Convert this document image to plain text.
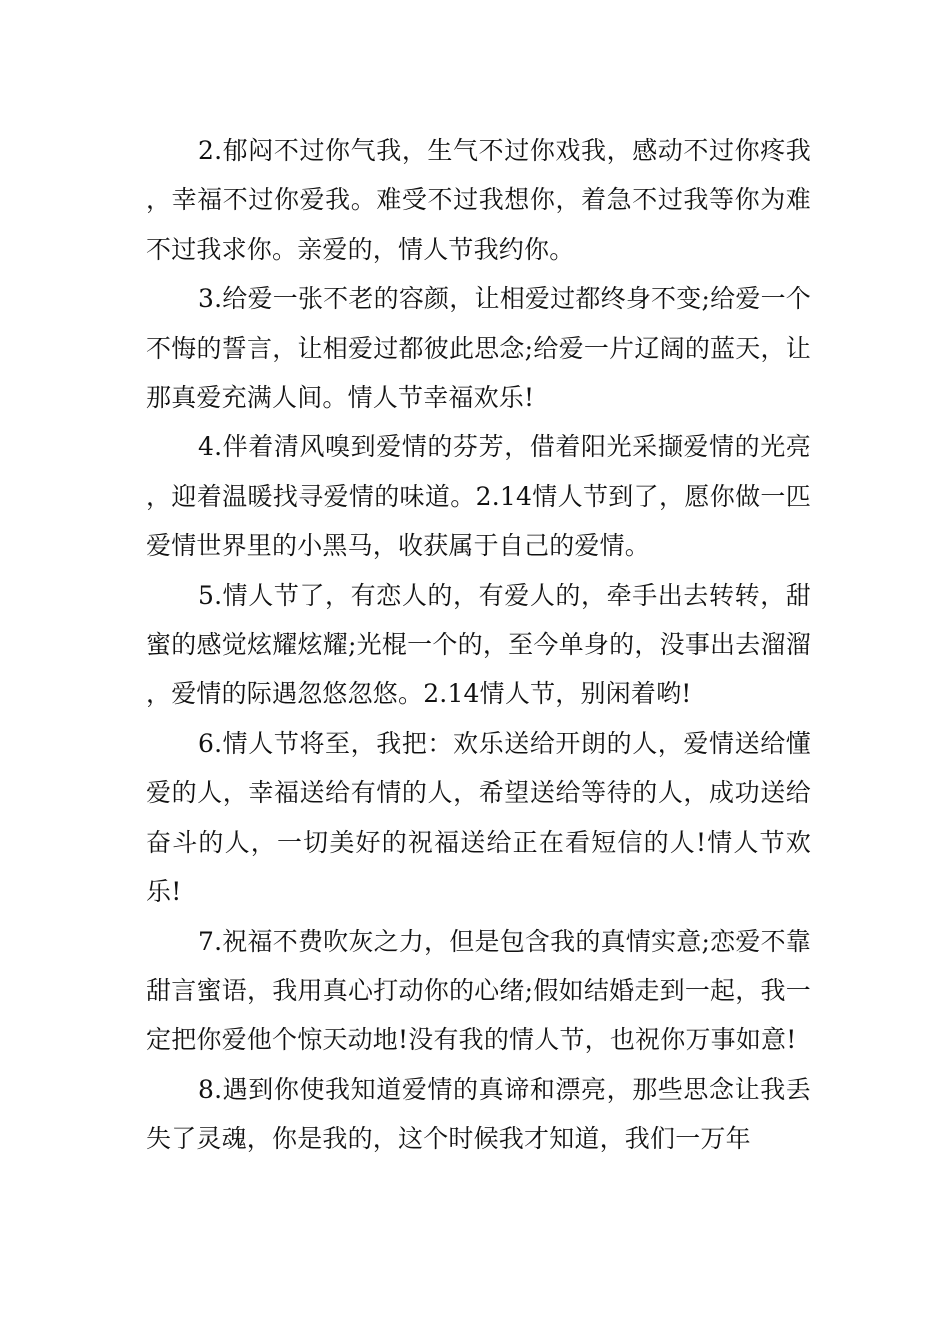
2.郁闷不过你气我，生气不过你戏我，感动不过你疼我，幸福不过你爱我。难受不过我想你，着急不过我等你为难不过我求你。亲爱的，情人节我约你。

3.给爱一张不老的容颜，让相爱过都终身不变;给爱一个不悔的誓言，让相爱过都彼此思念;给爱一片辽阔的蓝天，让那真爱充满人间。情人节幸福欢乐!

4.伴着清风嗅到爱情的芬芳，借着阳光采撷爱情的光亮，迎着温暖找寻爱情的味道。2.14情人节到了，愿你做一匹爱情世界里的小黑马，收获属于自己的爱情。

5.情人节了，有恋人的，有爱人的，牵手出去转转，甜蜜的感觉炫耀炫耀;光棍一个的，至今单身的，没事出去溜溜，爱情的际遇忽悠忽悠。2.14情人节，别闲着哟!

6.情人节将至，我把：欢乐送给开朗的人，爱情送给懂爱的人，幸福送给有情的人，希望送给等待的人，成功送给奋斗的人，一切美好的祝福送给正在看短信的人!情人节欢乐!

7.祝福不费吹灰之力，但是包含我的真情实意;恋爱不靠甜言蜜语，我用真心打动你的心绪;假如结婚走到一起，我一定把你爱他个惊天动地!没有我的情人节，也祝你万事如意!

8.遇到你使我知道爱情的真谛和漂亮，那些思念让我丢失了灵魂，你是我的，这个时候我才知道，我们一万年
